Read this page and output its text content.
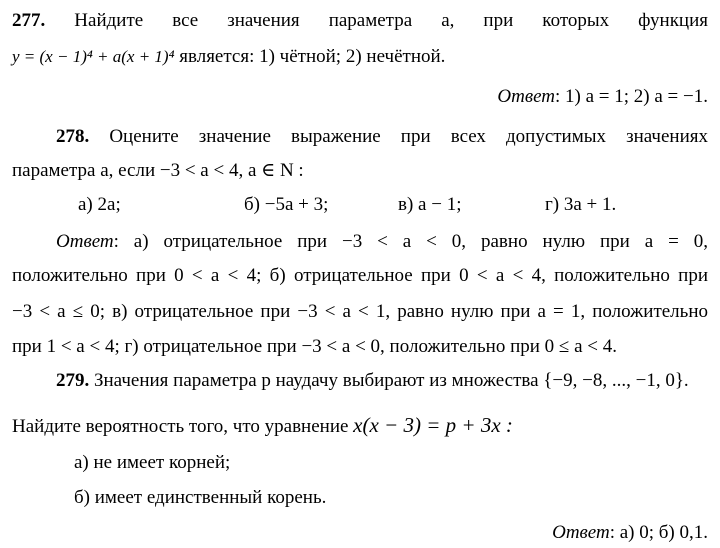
277. Найдите все значения параметра a, при которых функция
y = (x − 1)⁴ + a(x + 1)⁴ является: 1) чётной; 2) нечётной.
Ответ: 1) a = 1; 2) a = −1.
278. Оцените значение выражение при всех допустимых значениях
параметра a, если −3 < a < 4, a ∈ N :
а) 2a;	б) −5a + 3;	в) a − 1;	г) 3a + 1.
Ответ: а) отрицательное при −3 < a < 0, равно нулю при a = 0,
положительно при 0 < a < 4; б) отрицательное при 0 < a < 4, положительно при
−3 < a ≤ 0; в) отрицательное при −3 < a < 1, равно нулю при a = 1, положительно
при 1 < a < 4; г) отрицательное при −3 < a < 0, положительно при 0 ≤ a < 4.
279. Значения параметра p наудачу выбирают из множества {−9, −8, ..., −1, 0}.
Найдите вероятность того, что уравнение x(x − 3) = p + 3x :
а) не имеет корней;
б) имеет единственный корень.
Ответ: а) 0; б) 0,1.
